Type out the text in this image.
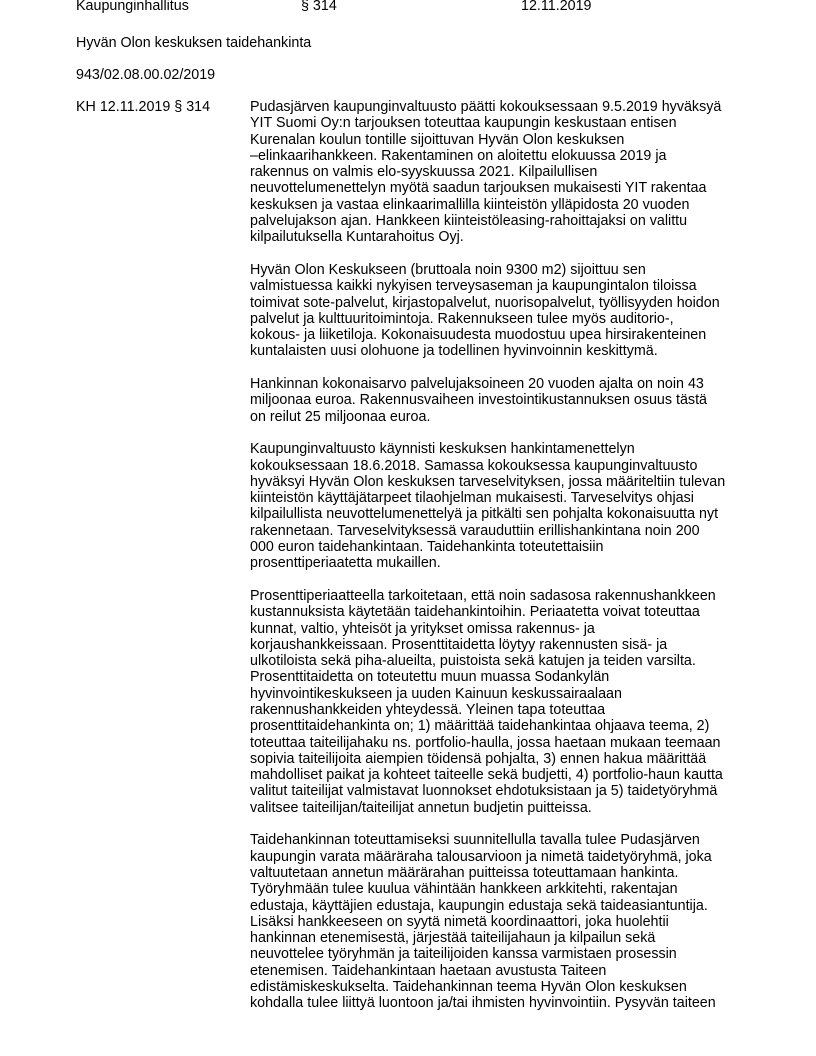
Kaupunginhallitus	§ 314	12.11.2019
Hyvän Olon keskuksen taidehankinta
943/02.08.00.02/2019
KH 12.11.2019 § 314	Pudasjärven kaupunginvaltuusto päätti kokouksessaan 9.5.2019 hyväksyä
YIT Suomi Oy:n tarjouksen toteuttaa kaupungin keskustaan entisen
Kurenalan koulun tontille sijoittuvan Hyvän Olon keskuksen
–elinkaarihankkeen. Rakentaminen on aloitettu elokuussa 2019 ja
rakennus on valmis elo-syyskuussa 2021. Kilpailullisen
neuvottelumenettelyn myötä saadun tarjouksen mukaisesti YIT rakentaa
keskuksen ja vastaa elinkaarimallilla kiinteistön ylläpidosta 20 vuoden
palvelujakson ajan. Hankkeen kiinteistöleasing-rahoittajaksi on valittu
kilpailutuksella Kuntarahoitus Oyj.
Hyvän Olon Keskukseen (bruttoala noin 9300 m2) sijoittuu sen
valmistuessa kaikki nykyisen terveysaseman ja kaupungintalon tiloissa
toimivat sote-palvelut, kirjastopalvelut, nuorisopalvelut, työllisyyden hoidon
palvelut ja kulttuuritoimintoja. Rakennukseen tulee myös auditorio-,
kokous- ja liiketiloja. Kokonaisuudesta muodostuu upea hirsirakenteinen
kuntalaisten uusi olohuone ja todellinen hyvinvoinnin keskittymä.
Hankinnan kokonaisarvo palvelujaksoineen 20 vuoden ajalta on noin 43
miljoonaa euroa. Rakennusvaiheen investointikustannuksen osuus tästä
on reilut 25 miljoonaa euroa.
Kaupunginvaltuusto käynnisti keskuksen hankintamenettelyn
kokouksessaan 18.6.2018. Samassa kokouksessa kaupunginvaltuusto
hyväksyi Hyvän Olon keskuksen tarveselvityksen, jossa määriteltiin tulevan
kiinteistön käyttäjätarpeet tilaohjelman mukaisesti. Tarveselvitys ohjasi
kilpailullista neuvottelumenettelyä ja pitkälti sen pohjalta kokonaisuutta nyt
rakennetaan. Tarveselvityksessä varauduttiin erillishankintana noin 200
000 euron taidehankintaan. Taidehankinta toteutettaisiin
prosenttiperiaatetta mukaillen.
Prosenttiperiaatteella tarkoitetaan, että noin sadasosa rakennushankkeen
kustannuksista käytetään taidehankintoihin. Periaatetta voivat toteuttaa
kunnat, valtio, yhteisöt ja yritykset omissa rakennus- ja
korjaushankkeissaan. Prosenttitaidetta löytyy rakennusten sisä- ja
ulkotiloista sekä piha-alueilta, puistoista sekä katujen ja teiden varsilta.
Prosenttitaidetta on toteutettu muun muassa Sodankylän
hyvinvointikeskukseen ja uuden Kainuun keskussairaalaan
rakennushankkeiden yhteydessä. Yleinen tapa toteuttaa
prosenttitaidehankinta on; 1) määrittää taidehankintaa ohjaava teema, 2)
toteuttaa taiteilijahaku ns. portfolio-haulla, jossa haetaan mukaan teemaan
sopivia taiteilijoita aiempien töidensä pohjalta, 3) ennen hakua määrittää
mahdolliset paikat ja kohteet taiteelle sekä budjetti, 4) portfolio-haun kautta
valitut taiteilijat valmistavat luonnokset ehdotuksistaan ja 5) taidetyöryhmä
valitsee taiteilijan/taiteilijat annetun budjetin puitteissa.
Taidehankinnan toteuttamiseksi suunnitellulla tavalla tulee Pudasjärven
kaupungin varata määräraha talousarvioon ja nimetä taidetyöryhmä, joka
valtuutetaan annetun määrärahan puitteissa toteuttamaan hankinta.
Työryhmään tulee kuulua vähintään hankkeen arkkitehti, rakentajan
edustaja, käyttäjien edustaja, kaupungin edustaja sekä taideasiantuntija.
Lisäksi hankkeeseen on syytä nimetä koordinaattori, joka huolehtii
hankinnan etenemisestä, järjestää taiteilijahaun ja kilpailun sekä
neuvottelee työryhmän ja taiteilijoiden kanssa varmistaen prosessin
etenemisen. Taidehankintaan haetaan avustusta Taiteen
edistämiskeskukselta. Taidehankinnan teema Hyvän Olon keskuksen
kohdalla tulee liittyä luontoon ja/tai ihmisten hyvinvointiin. Pysyvän taiteen
